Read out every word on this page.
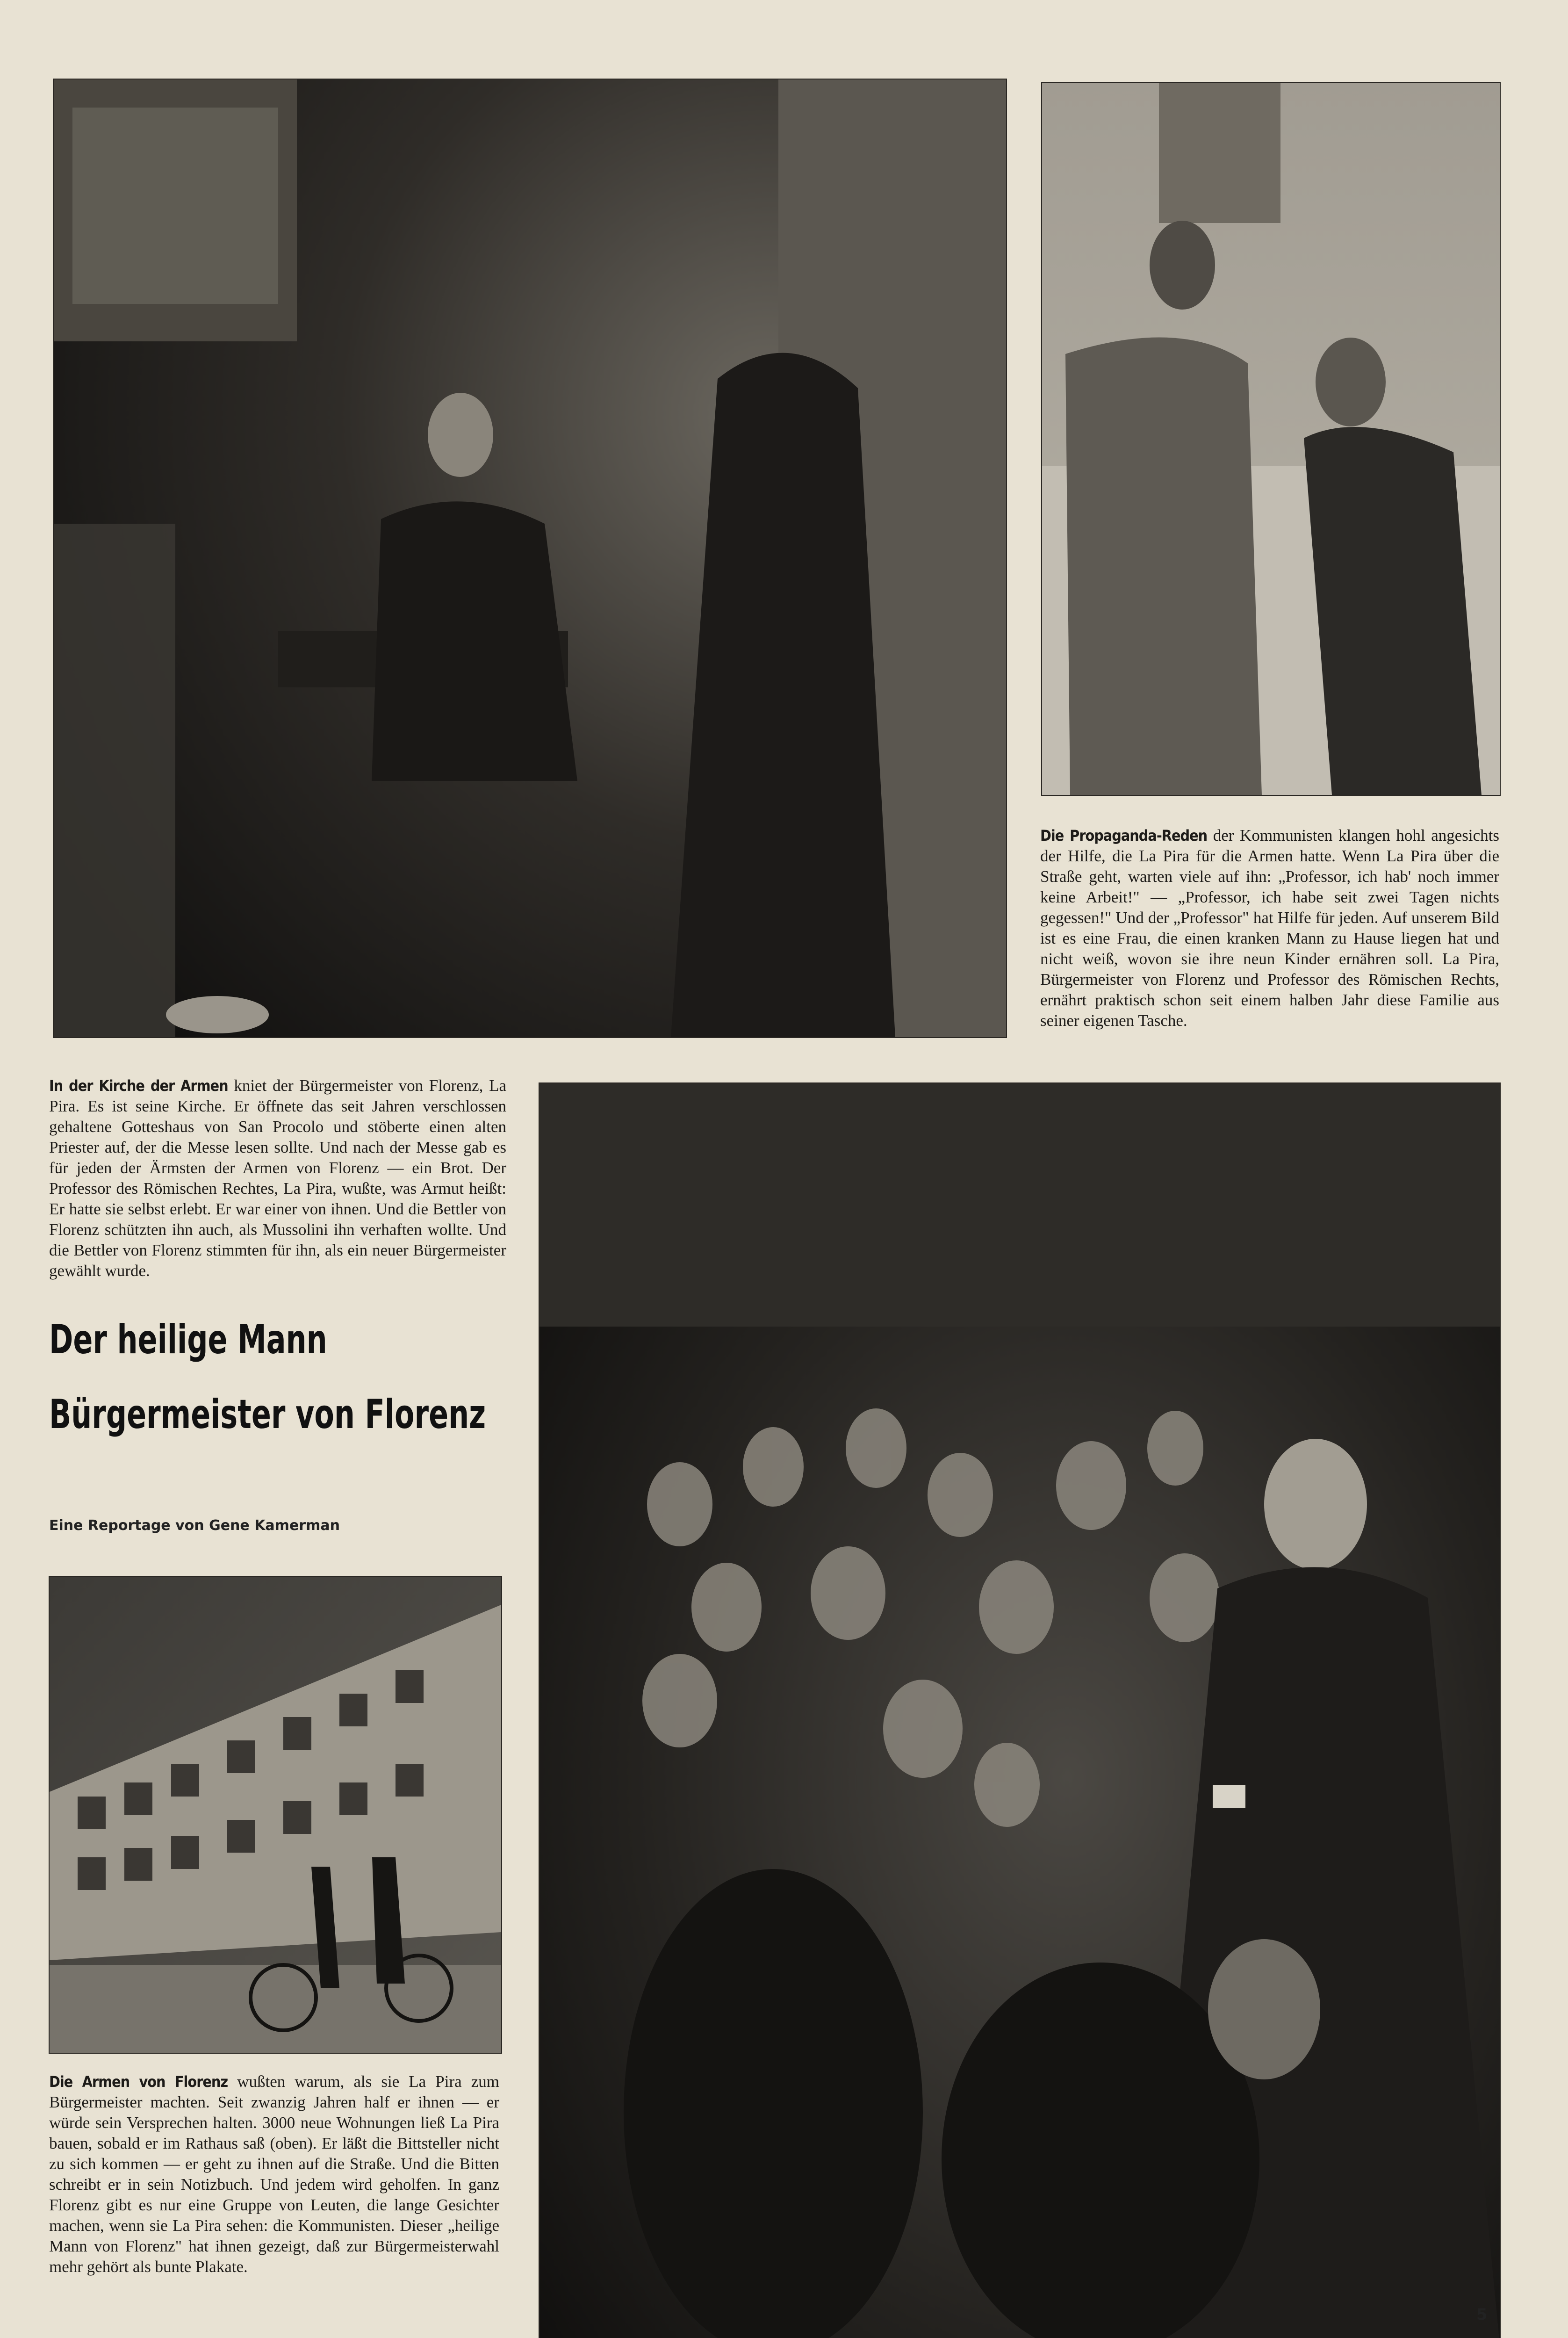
Die Propaganda-Reden der Kommunisten klangen hohl angesichts der Hilfe, die La Pira für die Armen hatte. Wenn La Pira über die Straße geht, warten viele auf ihn: „Professor, ich hab' noch immer keine Arbeit!" — „Professor, ich habe seit zwei Tagen nichts gegessen!" Und der „Professor" hat Hilfe für jeden. Auf unserem Bild ist es eine Frau, die einen kranken Mann zu Hause liegen hat und nicht weiß, wovon sie ihre neun Kinder ernähren soll. La Pira, Bürgermeister von Florenz und Professor des Römischen Rechts, ernährt praktisch schon seit einem halben Jahr diese Familie aus seiner eigenen Tasche.
In der Kirche der Armen kniet der Bürgermeister von Florenz, La Pira. Es ist seine Kirche. Er öffnete das seit Jahren verschlossen gehaltene Gotteshaus von San Procolo und stöberte einen alten Priester auf, der die Messe lesen sollte. Und nach der Messe gab es für jeden der Ärmsten der Armen von Florenz — ein Brot. Der Professor des Römischen Rechtes, La Pira, wußte, was Armut heißt: Er hatte sie selbst erlebt. Er war einer von ihnen. Und die Bettler von Florenz schützten ihn auch, als Mussolini ihn verhaften wollte. Und die Bettler von Florenz stimmten für ihn, als ein neuer Bürgermeister gewählt wurde.
Der heilige Mann
Bürgermeister von Florenz
Eine Reportage von Gene Kamerman
Die Armen von Florenz wußten warum, als sie La Pira zum Bürgermeister machten. Seit zwanzig Jahren half er ihnen — er würde sein Versprechen halten. 3000 neue Wohnungen ließ La Pira bauen, sobald er im Rathaus saß (oben). Er läßt die Bittsteller nicht zu sich kommen — er geht zu ihnen auf die Straße. Und die Bitten schreibt er in sein Notizbuch. Und jedem wird geholfen. In ganz Florenz gibt es nur eine Gruppe von Leuten, die lange Gesichter machen, wenn sie La Pira sehen: die Kommunisten. Dieser „heilige Mann von Florenz" hat ihnen gezeigt, daß zur Bürgermeisterwahl mehr gehört als bunte Plakate.
5
